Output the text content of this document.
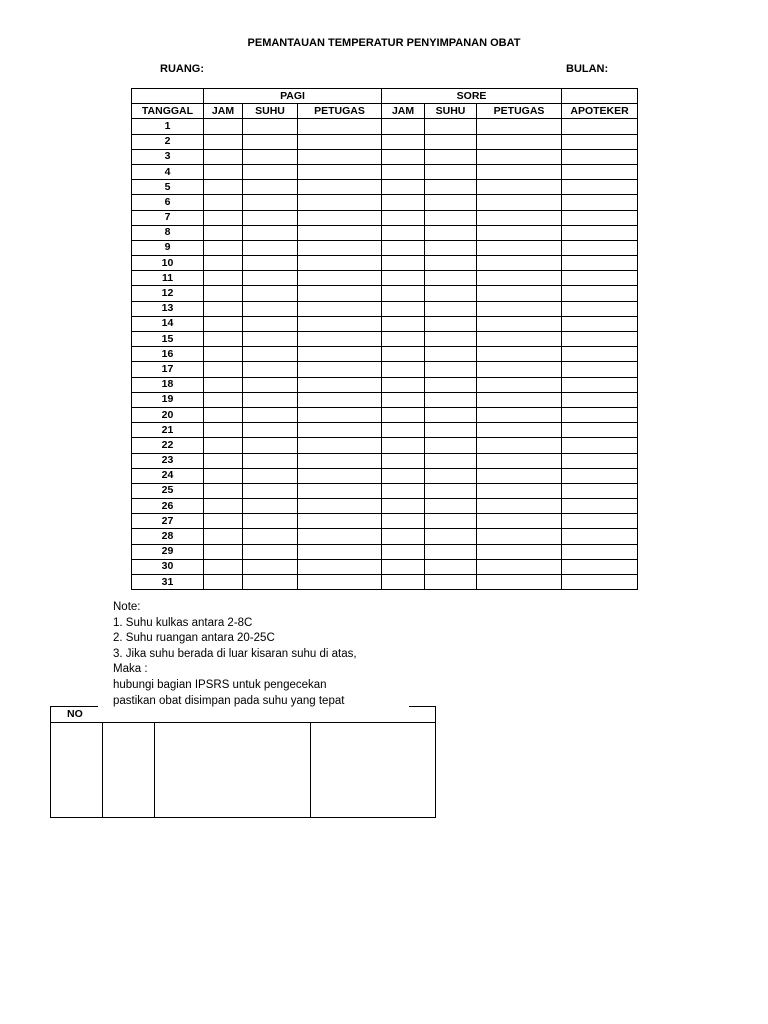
PEMANTAUAN TEMPERATUR PENYIMPANAN OBAT
RUANG:	BULAN:
	PAGI			SORE			
TANGGAL	JAM	SUHU	PETUGAS	JAM	SUHU	PETUGAS	APOTEKER
1							
2							
3							
4							
5							
6							
7							
8							
9							
10							
11							
12							
13							
14							
15							
16							
17							
18							
19							
20							
21							
22							
23							
24							
25							
26							
27							
28							
29							
30							
31							
Note:
1. Suhu kulkas antara 2-8C
2. Suhu ruangan antara 20-25C
3. Jika suhu berada di luar kisaran suhu di atas,
Maka :
hubungi bagian IPSRS untuk pengecekan
pastikan obat disimpan pada suhu yang tepat
NO
